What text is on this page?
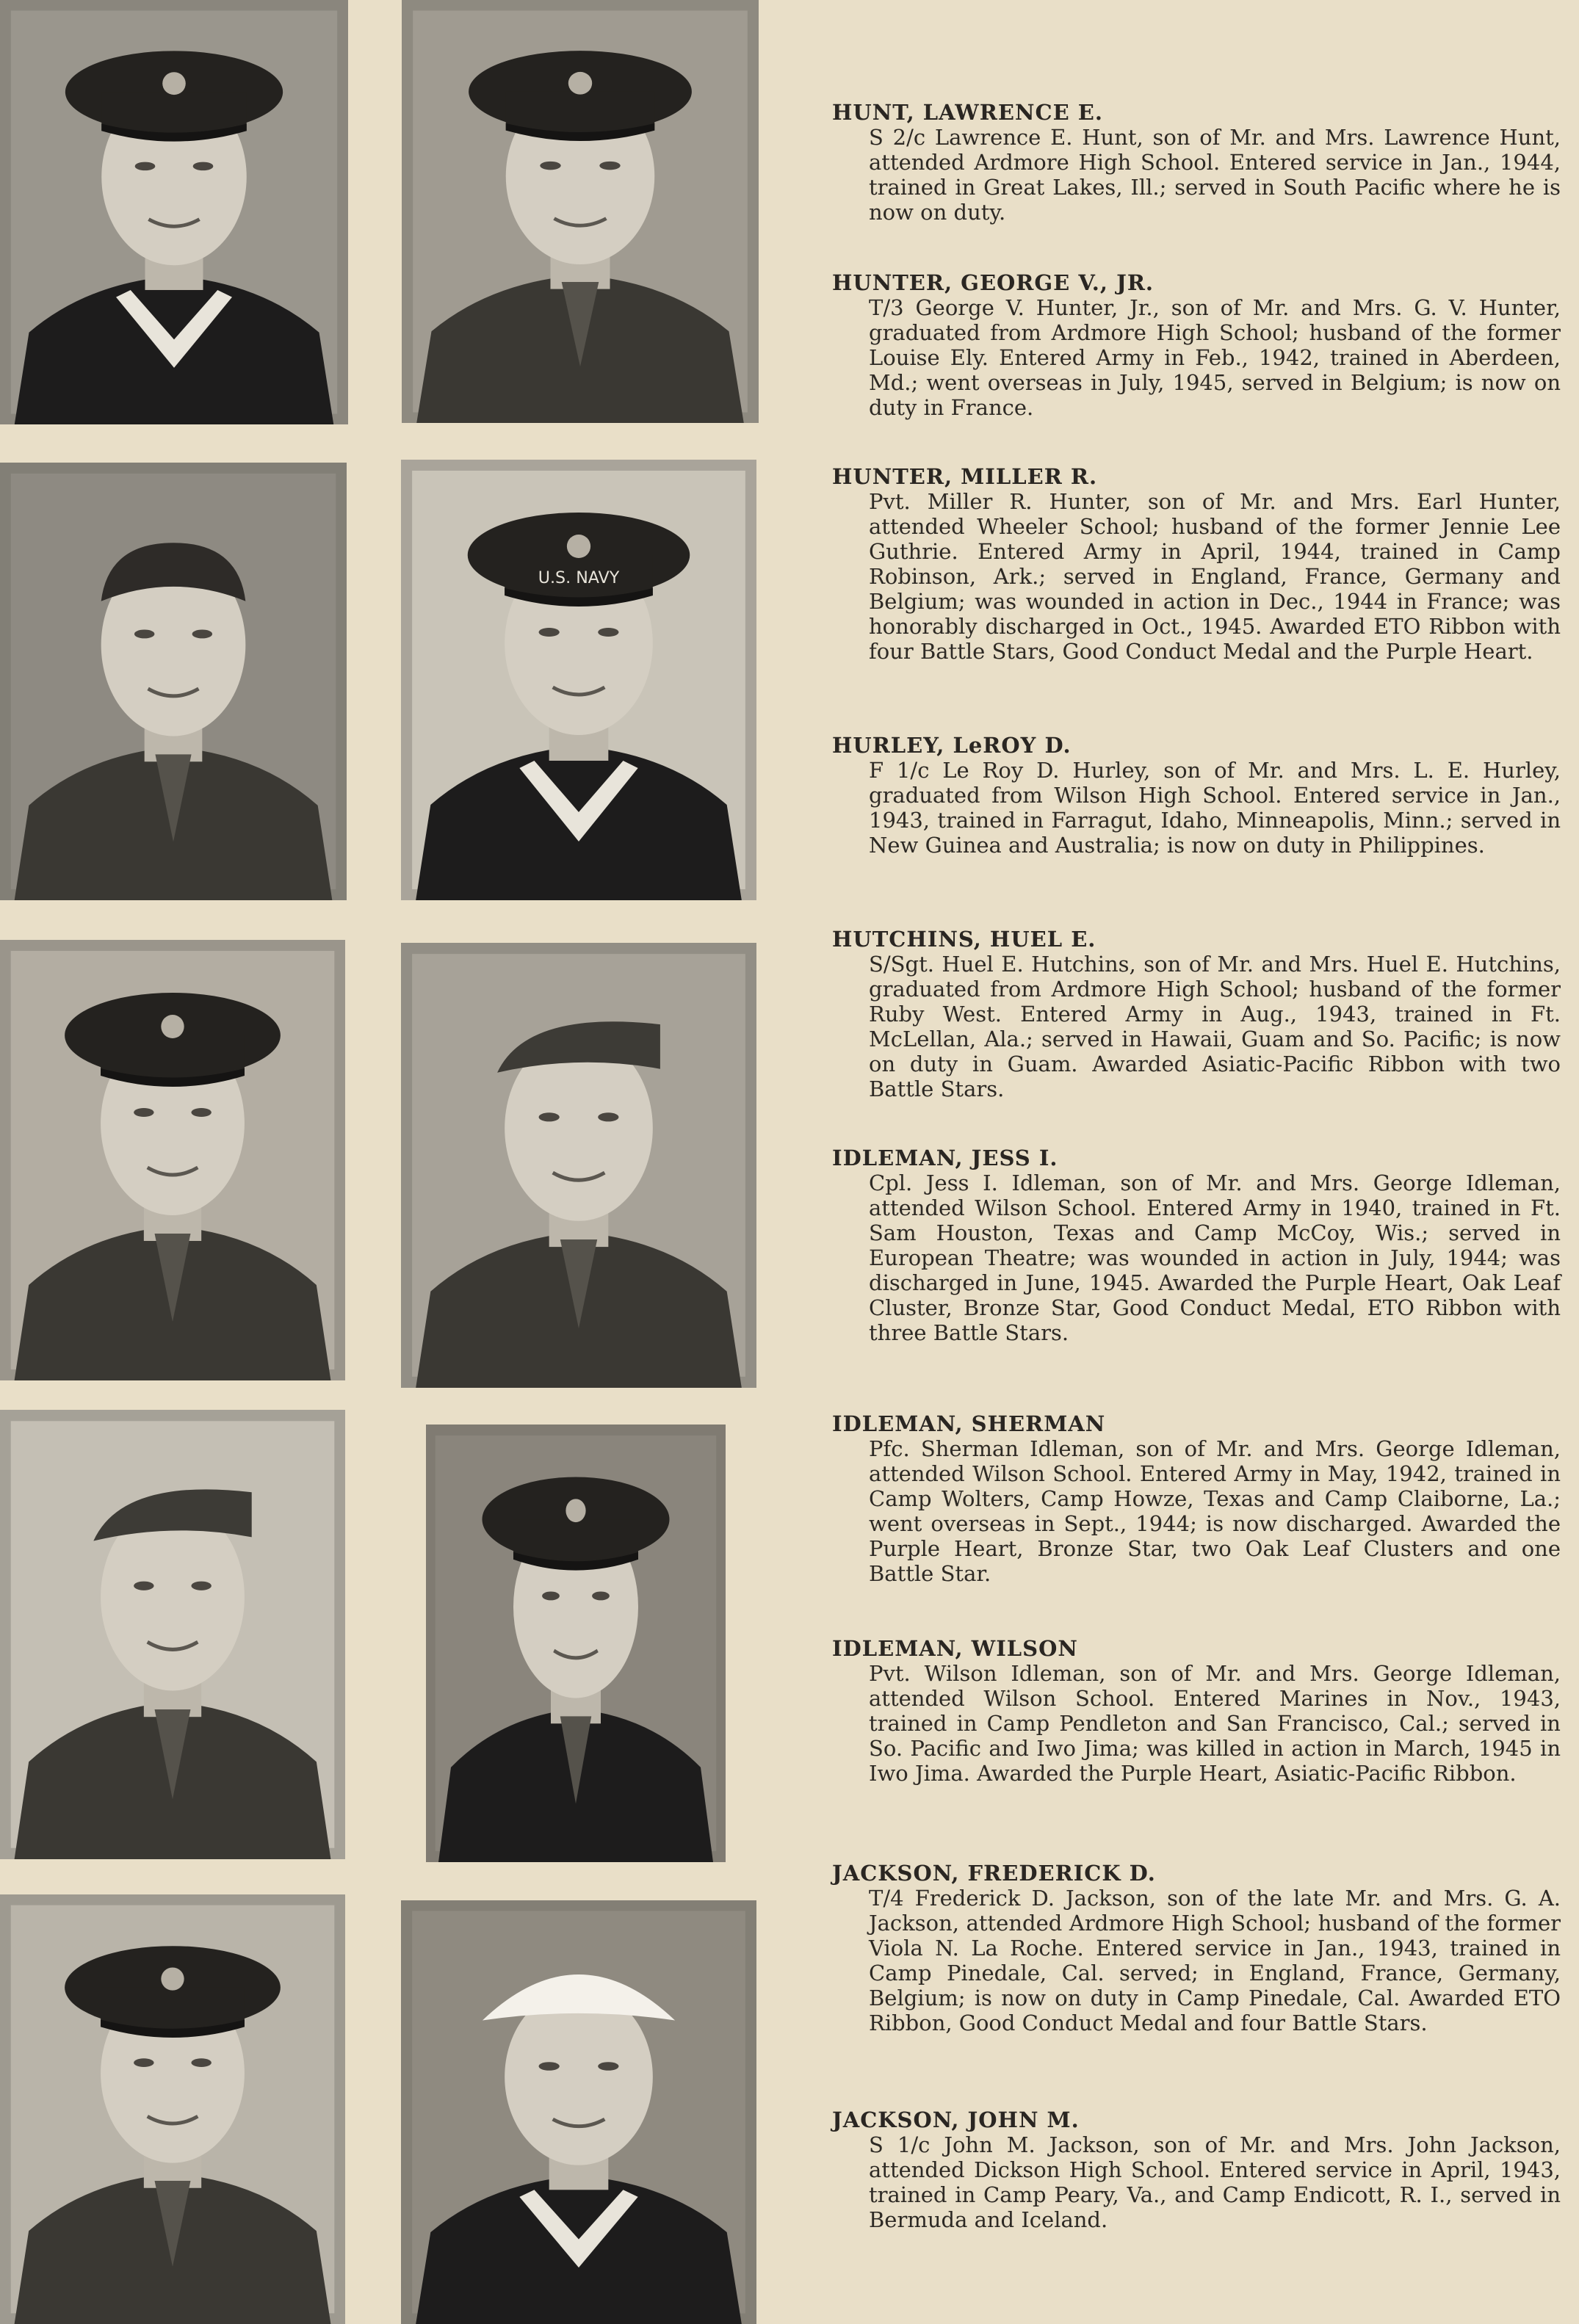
U.S. NAVY

HUNT, LAWRENCE E.

S 2/c Lawrence E. Hunt, son of Mr. and Mrs. Lawrence Hunt, attended Ardmore High School. Entered service in Jan., 1944, trained in Great Lakes, Ill.; served in South Pacific where he is now on duty.

HUNTER, GEORGE V., JR.

T/3 George V. Hunter, Jr., son of Mr. and Mrs. G. V. Hunter, graduated from Ardmore High School; husband of the former Louise Ely. Entered Army in Feb., 1942, trained in Aberdeen, Md.; went overseas in July, 1945, served in Belgium; is now on duty in France.

HUNTER, MILLER R.

Pvt. Miller R. Hunter, son of Mr. and Mrs. Earl Hunter, attended Wheeler School; husband of the former Jennie Lee Guthrie. Entered Army in April, 1944, trained in Camp Robinson, Ark.; served in England, France, Germany and Belgium; was wounded in action in Dec., 1944 in France; was honorably discharged in Oct., 1945. Awarded ETO Ribbon with four Battle Stars, Good Conduct Medal and the Purple Heart.

HURLEY, LeROY D.

F 1/c Le Roy D. Hurley, son of Mr. and Mrs. L. E. Hurley, graduated from Wilson High School. Entered service in Jan., 1943, trained in Farragut, Idaho, Minneapolis, Minn.; served in New Guinea and Australia; is now on duty in Philippines.

HUTCHINS, HUEL E.

S/Sgt. Huel E. Hutchins, son of Mr. and Mrs. Huel E. Hutchins, graduated from Ardmore High School; husband of the former Ruby West. Entered Army in Aug., 1943, trained in Ft. McLellan, Ala.; served in Hawaii, Guam and So. Pacific; is now on duty in Guam. Awarded Asiatic-Pacific Ribbon with two Battle Stars.

IDLEMAN, JESS I.

Cpl. Jess I. Idleman, son of Mr. and Mrs. George Idleman, attended Wilson School. Entered Army in 1940, trained in Ft. Sam Houston, Texas and Camp McCoy, Wis.; served in European Theatre; was wounded in action in July, 1944; was discharged in June, 1945. Awarded the Purple Heart, Oak Leaf Cluster, Bronze Star, Good Conduct Medal, ETO Ribbon with three Battle Stars.

IDLEMAN, SHERMAN

Pfc. Sherman Idleman, son of Mr. and Mrs. George Idleman, attended Wilson School. Entered Army in May, 1942, trained in Camp Wolters, Camp Howze, Texas and Camp Claiborne, La.; went overseas in Sept., 1944; is now discharged. Awarded the Purple Heart, Bronze Star, two Oak Leaf Clusters and one Battle Star.

IDLEMAN, WILSON

Pvt. Wilson Idleman, son of Mr. and Mrs. George Idleman, attended Wilson School. Entered Marines in Nov., 1943, trained in Camp Pendleton and San Francisco, Cal.; served in So. Pacific and Iwo Jima; was killed in action in March, 1945 in Iwo Jima. Awarded the Purple Heart, Asiatic-Pacific Ribbon.

JACKSON, FREDERICK D.

T/4 Frederick D. Jackson, son of the late Mr. and Mrs. G. A. Jackson, attended Ardmore High School; husband of the former Viola N. La Roche. Entered service in Jan., 1943, trained in Camp Pinedale, Cal. served; in England, France, Germany, Belgium; is now on duty in Camp Pinedale, Cal. Awarded ETO Ribbon, Good Conduct Medal and four Battle Stars.

JACKSON, JOHN M.

S 1/c John M. Jackson, son of Mr. and Mrs. John Jackson, attended Dickson High School. Entered service in April, 1943, trained in Camp Peary, Va., and Camp Endicott, R. I., served in Bermuda and Iceland.
